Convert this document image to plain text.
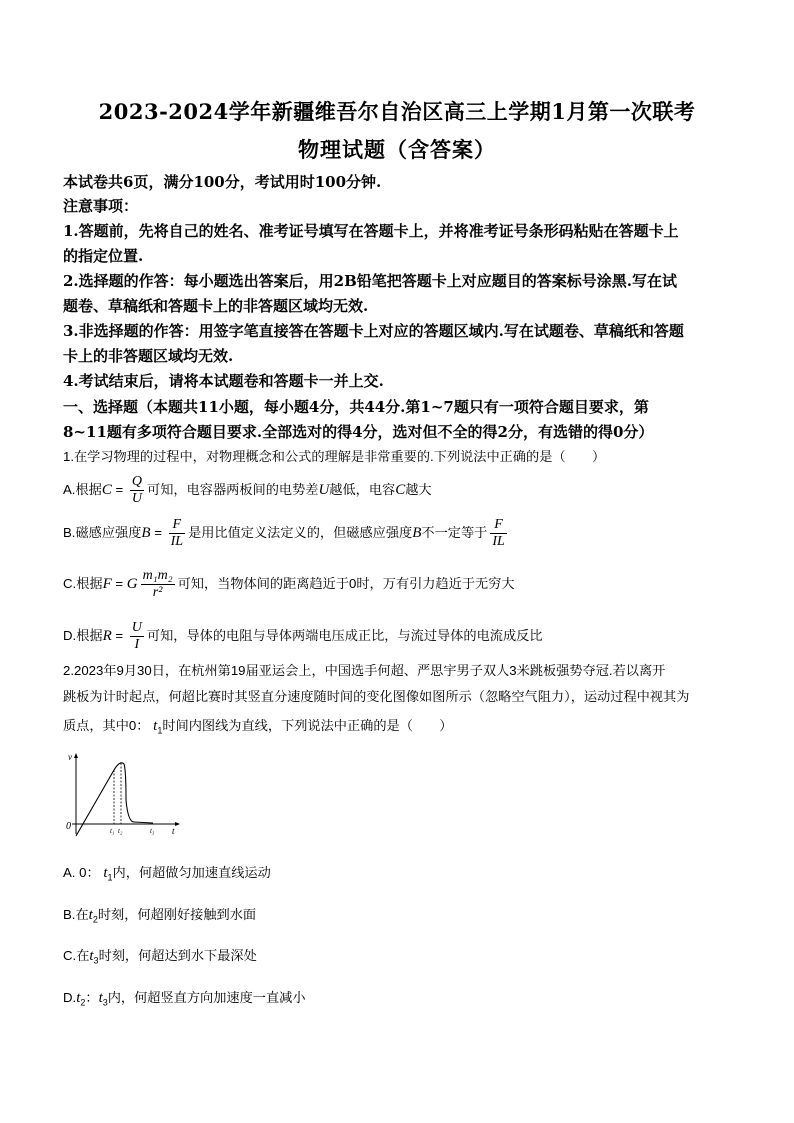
2023-2024学年新疆维吾尔自治区高三上学期1月第一次联考
物理试题（含答案）
本试卷共6页，满分100分，考试用时100分钟.
注意事项：
1.答题前，先将自己的姓名、准考证号填写在答题卡上，并将准考证号条形码粘贴在答题卡上
的指定位置.
2.选择题的作答：每小题选出答案后，用2B铅笔把答题卡上对应题目的答案标号涂黑.写在试
题卷、草稿纸和答题卡上的非答题区域均无效.
3.非选择题的作答：用签字笔直接答在答题卡上对应的答题区域内.写在试题卷、草稿纸和答题
卡上的非答题区域均无效.
4.考试结束后，请将本试题卷和答题卡一并上交.
一、选择题（本题共11小题，每小题4分，共44分.第1~7题只有一项符合题目要求，第
8~11题有多项符合题目要求.全部选对的得4分，选对但不全的得2分，有选错的得0分）
1.在学习物理的过程中，对物理概念和公式的理解是非常重要的.下列说法中正确的是（　　）
A.根据$C = \frac{Q}{U}$ 可知，电容器两板间的电势差U越低，电容C越大
B.磁感应强度$B = \frac{F}{IL}$ 是用比值定义法定义的，但磁感应强度B不一定等于 $\frac{F}{IL}$
C.根据F = G $\frac{\text{m₁m₂}}{\text{r²}}$ 可知，当物体间的距离趋近于0时，万有引力趋近于无穷大
D.根据$R = \frac{U}{I}$ 可知，导体的电阻与导体两端电压成正比，与流过导体的电流成反比
2.2023年9月30日，在杭州第19届亚运会上，中国选手何超、严思宇男子双人3米跳板强势夺冠.若以离开
跳板为计时起点，何超比赛时其竖直分速度随时间的变化图像如图所示（忽略空气阻力），运动过程中视其为
质点，其中0： $t_1$时间内图线为直线，下列说法中正确的是（　　）
v
0	t
t₁ t₂	t₃
A. 0： $t_1$内，何超做匀加速直线运动
B.在$t_2$时刻，何超刚好接触到水面
C.在$t_3$时刻，何超达到水下最深处
$D.t_2$：$t_3$内，何超竖直方向加速度一直减小
